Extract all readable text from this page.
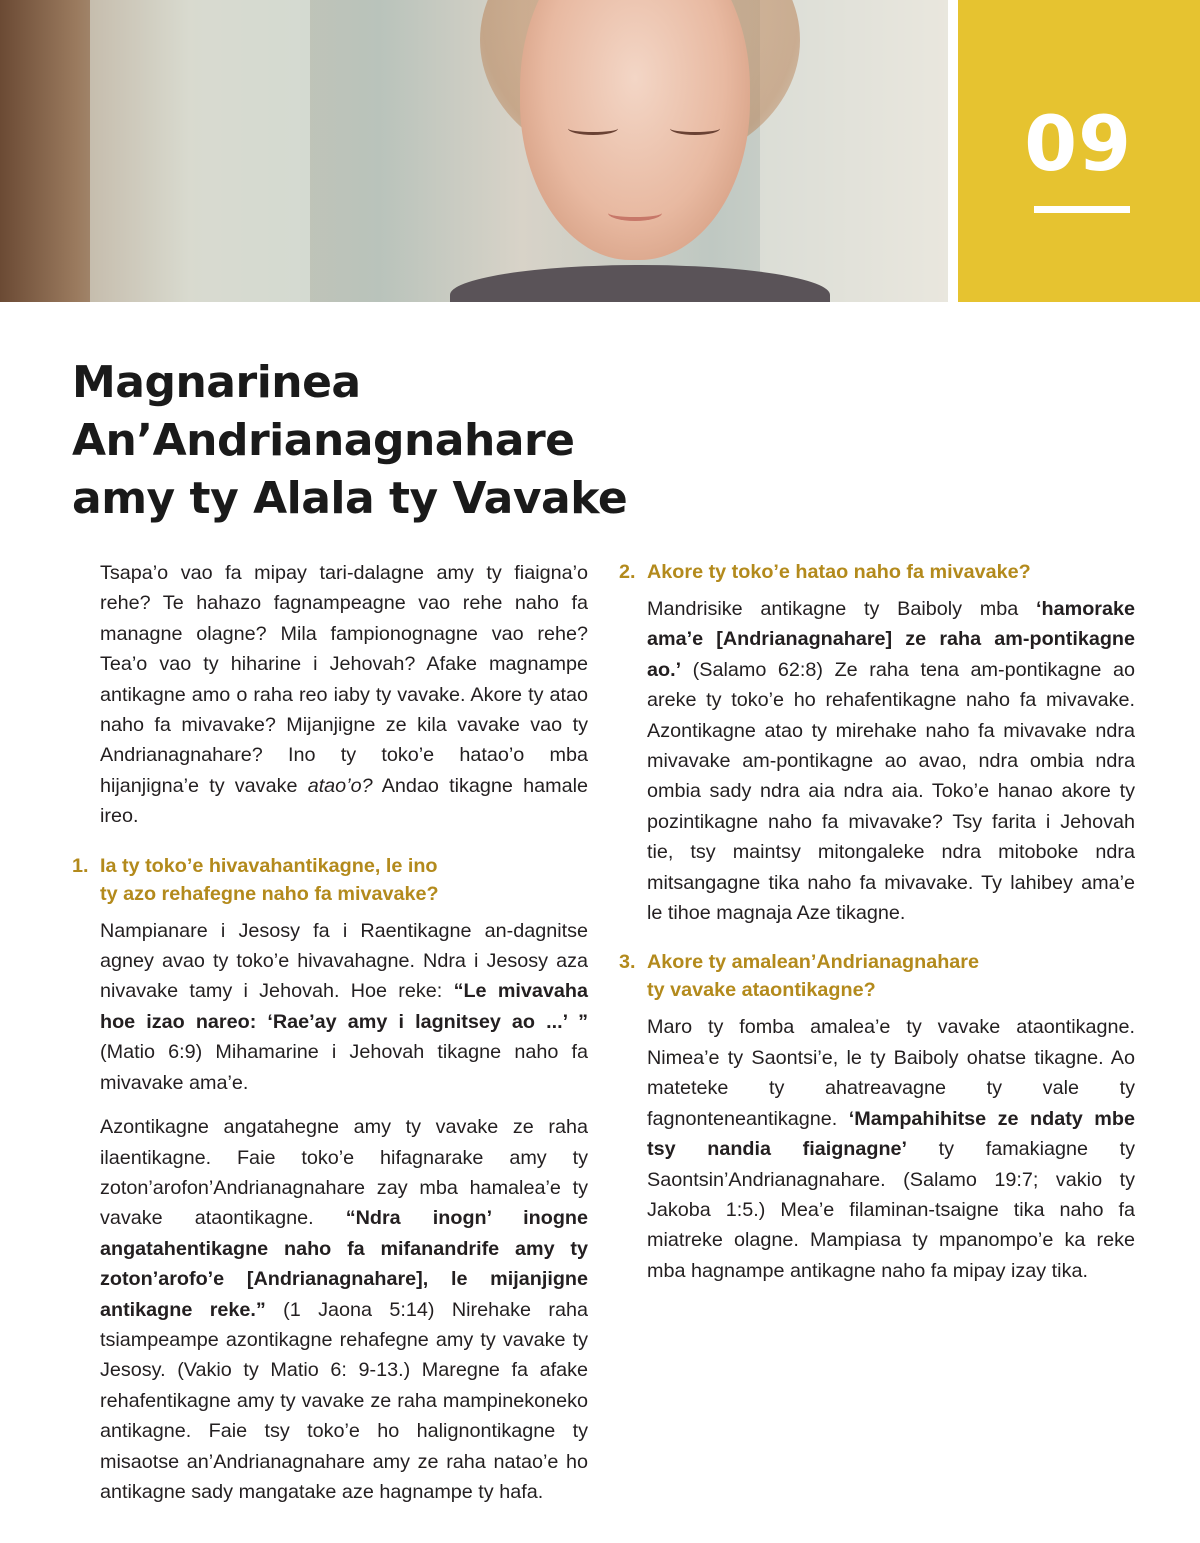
09
Magnarinea
An’Andrianagnahare
amy ty Alala ty Vavake

Tsapa’o vao fa mipay tari-dalagne amy ty fiaigna’o rehe? Te hahazo fagnampeagne vao rehe naho fa managne olagne? Mila fampionognagne vao rehe? Tea’o vao ty hiharine i Jehovah? Afake magnampe antikagne amo o raha reo iaby ty vavake. Akore ty atao naho fa mivavake? Mijanjigne ze kila vavake vao ty Andrianagnahare? Ino ty toko’e hatao’o mba hijanjigna’e ty vavake atao’o? Andao tikagne hamale ireo.

1. Ia ty toko’e hivavahantikagne, le ino
ty azo rehafegne naho fa mivavake?

Nampianare i Jesosy fa i Raentikagne an-dagnitse agney avao ty toko’e hivavahagne. Ndra i Jesosy aza nivavake tamy i Jehovah. Hoe reke: “Le mivavaha hoe izao nareo: ‘Rae’ay amy i lagnitsey ao ...’ ” (Matio 6:9) Mihamarine i Jehovah tikagne naho fa mivavake ama’e.

Azontikagne angatahegne amy ty vavake ze raha ilaentikagne. Faie toko’e hifagnarake amy ty zoton’arofon’Andrianagnahare zay mba hamalea’e ty vavake ataontikagne. “Ndra inogn’ inogne angatahentikagne naho fa mifanandrife amy ty zoton’arofo’e [Andrianagnahare], le mijanjigne antikagne reke.” (1 Jaona 5:14) Nirehake raha tsiampeampe azontikagne rehafegne amy ty vavake ty Jesosy. (Vakio ty Matio 6: 9-13.) Maregne fa afake rehafentikagne amy ty vavake ze raha mampinekoneko antikagne. Faie tsy toko’e ho halignontikagne ty misaotse an’Andrianagnahare amy ze raha natao’e ho antikagne sady mangatake aze hagnampe ty hafa.

2. Akore ty toko’e hatao naho fa mivavake?

Mandrisike antikagne ty Baiboly mba ‘hamorake ama’e [Andrianagnahare] ze raha am-pontikagne ao.’ (Salamo 62:8) Ze raha tena am-pontikagne ao areke ty toko’e ho rehafentikagne naho fa mivavake. Azontikagne atao ty mirehake naho fa mivavake ndra mivavake am-pontikagne ao avao, ndra ombia ndra ombia sady ndra aia ndra aia. Toko’e hanao akore ty pozintikagne naho fa mivavake? Tsy farita i Jehovah tie, tsy maintsy mitongaleke ndra mitoboke ndra mitsangagne tika naho fa mivavake. Ty lahibey ama’e le tihoe magnaja Aze tikagne.

3. Akore ty amalean’Andrianagnahare
ty vavake ataontikagne?

Maro ty fomba amalea’e ty vavake ataontikagne. Nimea’e ty Saontsi’e, le ty Baiboly ohatse tikagne. Ao mateteke ty ahatreavagne ty vale ty fagnonteneantikagne. ‘Mampahihitse ze ndaty mbe tsy nandia fiaignagne’ ty famakiagne ty Saontsin’Andrianagnahare. (Salamo 19:7; vakio ty Jakoba 1:5.) Mea’e filaminan-tsaigne tika naho fa miatreke olagne. Mampiasa ty mpanompo’e ka reke mba hagnampe antikagne naho fa mipay izay tika.
